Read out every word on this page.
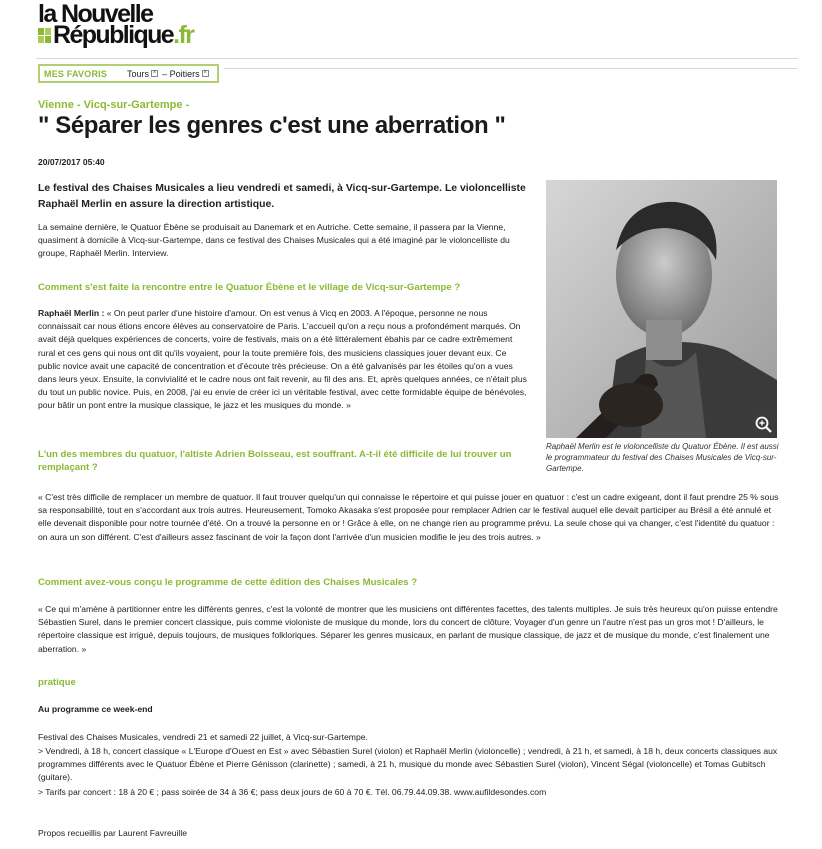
la Nouvelle
République.fr
MES FAVORIS Tours × – Poitiers ×
Vienne - Vicq-sur-Gartempe -
" Séparer les genres c'est une aberration "
20/07/2017 05:40

Le festival des Chaises Musicales a lieu vendredi et samedi, à Vicq-sur-Gartempe. Le violoncelliste Raphaël Merlin en assure la direction artistique.

La semaine dernière, le Quatuor Ébène se produisait au Danemark et en Autriche. Cette semaine, il passera par la Vienne, quasiment à domicile à Vicq-sur-Gartempe, dans ce festival des Chaises Musicales qui a été imaginé par le violoncelliste du groupe, Raphaël Merlin. Interview.

Comment s'est faite la rencontre entre le Quatuor Ébène et le village de Vicq-sur-Gartempe ?

Raphaël Merlin : « On peut parler d'une histoire d'amour. On est venus à Vicq en 2003. A l'époque, personne ne nous connaissait car nous étions encore élèves au conservatoire de Paris. L'accueil qu'on a reçu nous a profondément marqués. On avait déjà quelques expériences de concerts, voire de festivals, mais on a été littéralement ébahis par ce cadre extrêmement rural et ces gens qui nous ont dit qu'ils voyaient, pour la toute première fois, des musiciens classiques jouer devant eux. Ce public novice avait une capacité de concentration et d'écoute très précieuse. On a été galvanisés par les étoiles qu'on a vues dans leurs yeux. Ensuite, la convivialité et le cadre nous ont fait revenir, au fil des ans. Et, après quelques années, ce n'était plus du tout un public novice. Puis, en 2008, j'ai eu envie de créer ici un véritable festival, avec cette formidable équipe de bénévoles, pour bâtir un pont entre la musique classique, le jazz et les musiques du monde. »

L'un des membres du quatuor, l'altiste Adrien Boisseau, est souffrant. A-t-il été difficile de lui trouver un remplaçant ?

« C'est très difficile de remplacer un membre de quatuor. Il faut trouver quelqu'un qui connaisse le répertoire et qui puisse jouer en quatuor : c'est un cadre exigeant, dont il faut prendre 25 % sous sa responsabilité, tout en s'accordant aux trois autres. Heureusement, Tomoko Akasaka s'est proposée pour remplacer Adrien car le festival auquel elle devait participer au Brésil a été annulé et elle devenait disponible pour notre tournée d'été. On a trouvé la personne en or ! Grâce à elle, on ne change rien au programme prévu. La seule chose qui va changer, c'est l'identité du quatuor : on aura un son différent. C'est d'ailleurs assez fascinant de voir la façon dont l'arrivée d'un musicien modifie le jeu des trois autres. »

Comment avez-vous conçu le programme de cette édition des Chaises Musicales ?

« Ce qui m'amène à partitionner entre les différents genres, c'est la volonté de montrer que les musiciens ont différentes facettes, des talents multiples. Je suis très heureux qu'on puisse entendre Sébastien Surel, dans le premier concert classique, puis comme violoniste de musique du monde, lors du concert de clôture. Voyager d'un genre un l'autre n'est pas un gros mot ! D'ailleurs, le répertoire classique est irrigué, depuis toujours, de musiques folkloriques. Séparer les genres musicaux, en parlant de musique classique, de jazz et de musique du monde, c'est finalement une aberration. »

pratique
Au programme ce week-end

Festival des Chaises Musicales, vendredi 21 et samedi 22 juillet, à Vicq-sur-Gartempe.

> Vendredi, à 18 h, concert classique « L'Europe d'Ouest en Est » avec Sébastien Surel (violon) et Raphaël Merlin (violoncelle) ; vendredi, à 21 h, et samedi, à 18 h, deux concerts classiques aux programmes différents avec le Quatuor Ébène et Pierre Génisson (clarinette) ; samedi, à 21 h, musique du monde avec Sébastien Surel (violon), Vincent Ségal (violoncelle) et Tomas Gubitsch (guitare).

> Tarifs par concert : 18 à 20 € ; pass soirée de 34 à 36 €; pass deux jours de 60 à 70 €. Tél. 06.79.44.09.38. www.aufildesondes.com

Propos recueillis par Laurent Favreuille

Raphaël Merlin est le violoncelliste du Quatuor Ébène. Il est aussi le programmateur du festival des Chaises Musicales de Vicq-sur-Gartempe.
